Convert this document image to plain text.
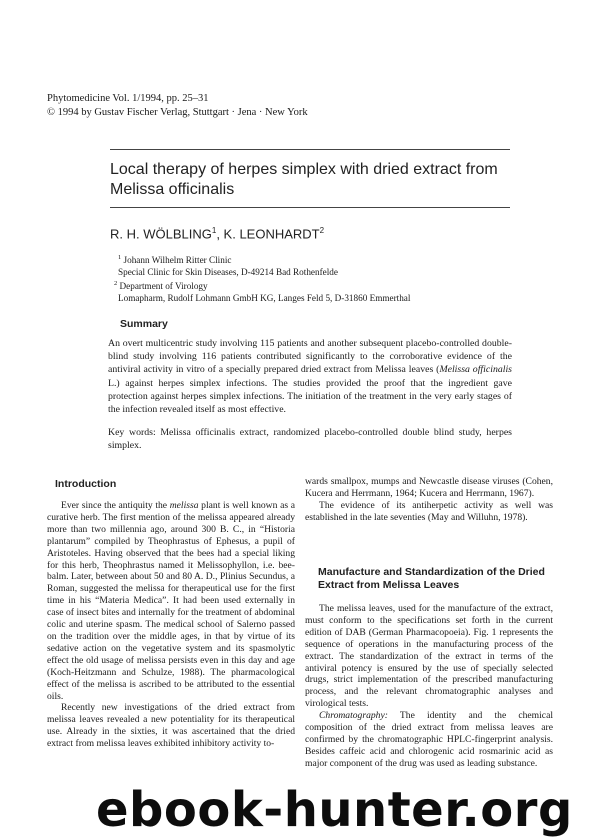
Phytomedicine Vol. 1/1994, pp. 25–31
© 1994 by Gustav Fischer Verlag, Stuttgart · Jena · New York
Local therapy of herpes simplex with dried extract from
Melissa officinalis
R. H. WÖLBLING$^1$, K. LEONHARDT$^2$
$^1$ Johann Wilhelm Ritter Clinic
Special Clinic for Skin Diseases, D-49214 Bad Rothenfelde
$^2$ Department of Virology
Lomapharm, Rudolf Lohmann GmbH KG, Langes Feld 5, D-31860 Emmerthal
Summary
An overt multicentric study involving 115 patients and another subsequent placebo-controlled double-blind study involving 116 patients contributed significantly to the corroborative evidence of the antiviral activity in vitro of a specially prepared dried extract from Melissa leaves (Melissa officinalis L.) against herpes simplex infections. The studies provided the proof that the ingredient gave protection against herpes simplex infections. The initiation of the treatment in the very early stages of the infection revealed itself as most effective.
Key words: Melissa officinalis extract, randomized placebo-controlled double blind study, herpes simplex.
Introduction

Ever since the antiquity the melissa plant is well known as a curative herb. The first mention of the melissa appeared already more than two millennia ago, around 300 B. C., in “Historia plantarum” compiled by Theophrastus of Ephesus, a pupil of Aristoteles. Having observed that the bees had a special liking for this herb, Theophrastus named it Melissophyllon, i.e. bee-balm. Later, between about 50 and 80 A. D., Plinius Secundus, a Roman, suggested the melissa for therapeutical use for the first time in his “Materia Medica”. It had been used externally in case of insect bites and internally for the treatment of abdominal colic and uterine spasm. The medical school of Salerno passed on the tradition over the middle ages, in that by virtue of its sedative action on the vegetative system and its spasmolytic effect the old usage of melissa persists even in this day and age (Koch-Heitzmann and Schulze, 1988). The pharmacological effect of the melissa is ascribed to be attributed to the essential oils.

Recently new investigations of the dried extract from melissa leaves revealed a new potentiality for its therapeutical use. Already in the sixties, it was ascertained that the dried extract from melissa leaves exhibited inhibitory activity to-

wards smallpox, mumps and Newcastle disease viruses (Cohen, Kucera and Herrmann, 1964; Kucera and Herrmann, 1967).

The evidence of its antiherpetic activity as well was established in the late seventies (May and Willuhn, 1978).

Manufacture and Standardization of the Dried Extract from Melissa Leaves

The melissa leaves, used for the manufacture of the extract, must conform to the specifications set forth in the current edition of DAB (German Pharmacopoeia). Fig. 1 represents the sequence of operations in the manufacturing process of the extract. The standardization of the extract in terms of the antiviral potency is ensured by the use of specially selected drugs, strict implementation of the prescribed manufacturing process, and the relevant chromatographic analyses and virological tests.

Chromatography: The identity and the chemical composition of the dried extract from melissa leaves are confirmed by the chromatographic HPLC-fingerprint analysis. Besides caffeic acid and chlorogenic acid rosmarinic acid as major component of the drug was used as leading substance.

ebook-hunter.org
